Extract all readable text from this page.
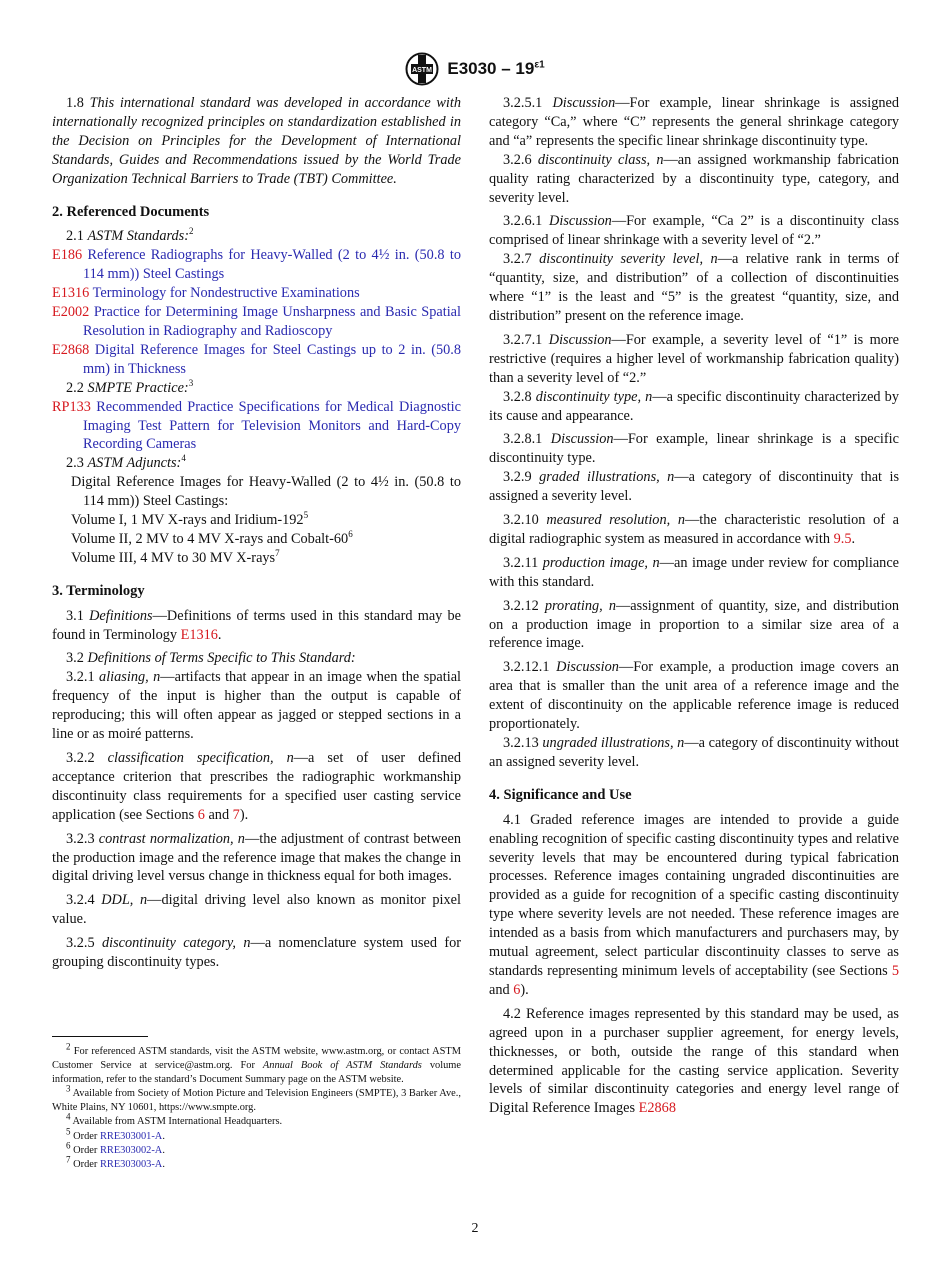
ASTM $E3030 - 19^{\varepsilon 1}$

1.8 This international standard was developed in accordance with internationally recognized principles on standardization established in the Decision on Principles for the Development of International Standards, Guides and Recommendations issued by the World Trade Organization Technical Barriers to Trade (TBT) Committee.

2. Referenced Documents

2.1 ASTM Standards:$^2$

E186 Reference Radiographs for Heavy-Walled (2 to 4½ in. (50.8 to 114 mm)) Steel Castings

E1316 Terminology for Nondestructive Examinations

E2002 Practice for Determining Image Unsharpness and Basic Spatial Resolution in Radiography and Radioscopy

E2868 Digital Reference Images for Steel Castings up to 2 in. (50.8 mm) in Thickness

2.2 SMPTE Practice:$^3$

RP133 Recommended Practice Specifications for Medical Diagnostic Imaging Test Pattern for Television Monitors and Hard-Copy Recording Cameras

2.3 ASTM Adjuncts:$^4$

Digital Reference Images for Heavy-Walled (2 to 4½ in. (50.8 to 114 mm)) Steel Castings:

Volume I, 1 MV X-rays and Iridium-$192^5$

Volume II, 2 MV to 4 MV X-rays and Cobalt-$60^6$

Volume III, 4 MV to 30 MV X-rays$^7$

3. Terminology

3.1 Definitions—Definitions of terms used in this standard may be found in Terminology E1316.

3.2 Definitions of Terms Specific to This Standard:

3.2.1 aliasing, n—artifacts that appear in an image when the spatial frequency of the input is higher than the output is capable of reproducing; this will often appear as jagged or stepped sections in a line or as moiré patterns.

3.2.2 classification specification, n—a set of user defined acceptance criterion that prescribes the radiographic workmanship discontinuity class requirements for a specified user casting service application (see Sections 6 and 7).

3.2.3 contrast normalization, n—the adjustment of contrast between the production image and the reference image that makes the change in digital driving level versus change in thickness equal for both images.

3.2.4 DDL, n—digital driving level also known as monitor pixel value.

3.2.5 discontinuity category, n—a nomenclature system used for grouping discontinuity types.

$^2$ For referenced ASTM standards, visit the ASTM website, www.astm.org, or contact ASTM Customer Service at service@astm.org. For Annual Book of ASTM Standards volume information, refer to the standard’s Document Summary page on the ASTM website.

$^3$ Available from Society of Motion Picture and Television Engineers (SMPTE), 3 Barker Ave., White Plains, NY 10601, https://www.smpte.org.

$^4$ Available from ASTM International Headquarters.

$^5$ Order RRE303001-A.

$^6$ Order RRE303002-A.

$^7$ Order RRE303003-A.

3.2.5.1 Discussion—For example, linear shrinkage is assigned category “Ca,” where “C” represents the general shrinkage category and “a” represents the specific linear shrinkage discontinuity type.

3.2.6 discontinuity class, n—an assigned workmanship fabrication quality rating characterized by a discontinuity type, category, and severity level.

3.2.6.1 Discussion—For example, “Ca 2” is a discontinuity class comprised of linear shrinkage with a severity level of “2.”

3.2.7 discontinuity severity level, n—a relative rank in terms of “quantity, size, and distribution” of a collection of discontinuities where “1” is the least and “5” is the greatest “quantity, size, and distribution” present on the reference image.

3.2.7.1 Discussion—For example, a severity level of “1” is more restrictive (requires a higher level of workmanship fabrication quality) than a severity level of “2.”

3.2.8 discontinuity type, n—a specific discontinuity characterized by its cause and appearance.

3.2.8.1 Discussion—For example, linear shrinkage is a specific discontinuity type.

3.2.9 graded illustrations, n—a category of discontinuity that is assigned a severity level.

3.2.10 measured resolution, n—the characteristic resolution of a digital radiographic system as measured in accordance with 9.5.

3.2.11 production image, n—an image under review for compliance with this standard.

3.2.12 prorating, n—assignment of quantity, size, and distribution on a production image in proportion to a similar size area of a reference image.

3.2.12.1 Discussion—For example, a production image covers an area that is smaller than the unit area of a reference image and the extent of discontinuity on the applicable reference image is reduced proportionately.

3.2.13 ungraded illustrations, n—a category of discontinuity without an assigned severity level.

4. Significance and Use

4.1 Graded reference images are intended to provide a guide enabling recognition of specific casting discontinuity types and relative severity levels that may be encountered during typical fabrication processes. Reference images containing ungraded discontinuities are provided as a guide for recognition of a specific casting discontinuity type where severity levels are not needed. These reference images are intended as a basis from which manufacturers and purchasers may, by mutual agreement, select particular discontinuity classes to serve as standards representing minimum levels of acceptability (see Sections 5 and 6).

4.2 Reference images represented by this standard may be used, as agreed upon in a purchaser supplier agreement, for energy levels, thicknesses, or both, outside the range of this standard when determined applicable for the casting service application. Severity levels of similar discontinuity categories and energy level range of Digital Reference Images E2868

2
